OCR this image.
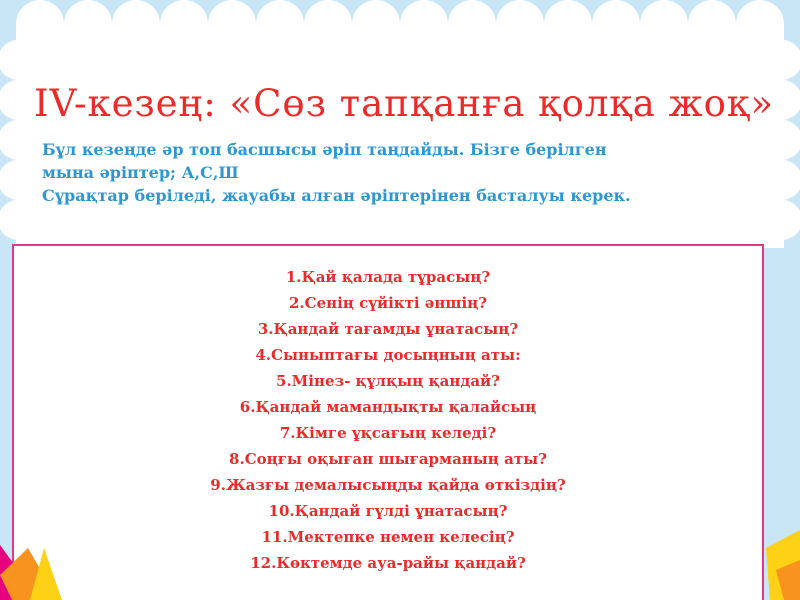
IV-кезең: «Сөз тапқанға қолқа жоқ»

Бұл кезеңде әр топ басшысы әріп таңдайды. Бізге берілген

мына әріптер; А,С,Ш

Сұрақтар беріледі, жауабы алған әріптерінен басталуы керек.

1.Қай қалада тұрасың?
2.Сенің сүйікті әншің?
3.Қандай тағамды ұнатасың?
4.Сыныптағы досыңның аты:
5.Мінез- құлқың қандай?
6.Қандай мамандықты қалайсың
7.Кімге ұқсағың келеді?
8.Соңғы оқыған шығарманың аты?
9.Жазғы демалысыңды қайда өткіздің?
10.Қандай гүлді ұнатасың?
11.Мектепке немен келесің?
12.Көктемде ауа-райы қандай?
